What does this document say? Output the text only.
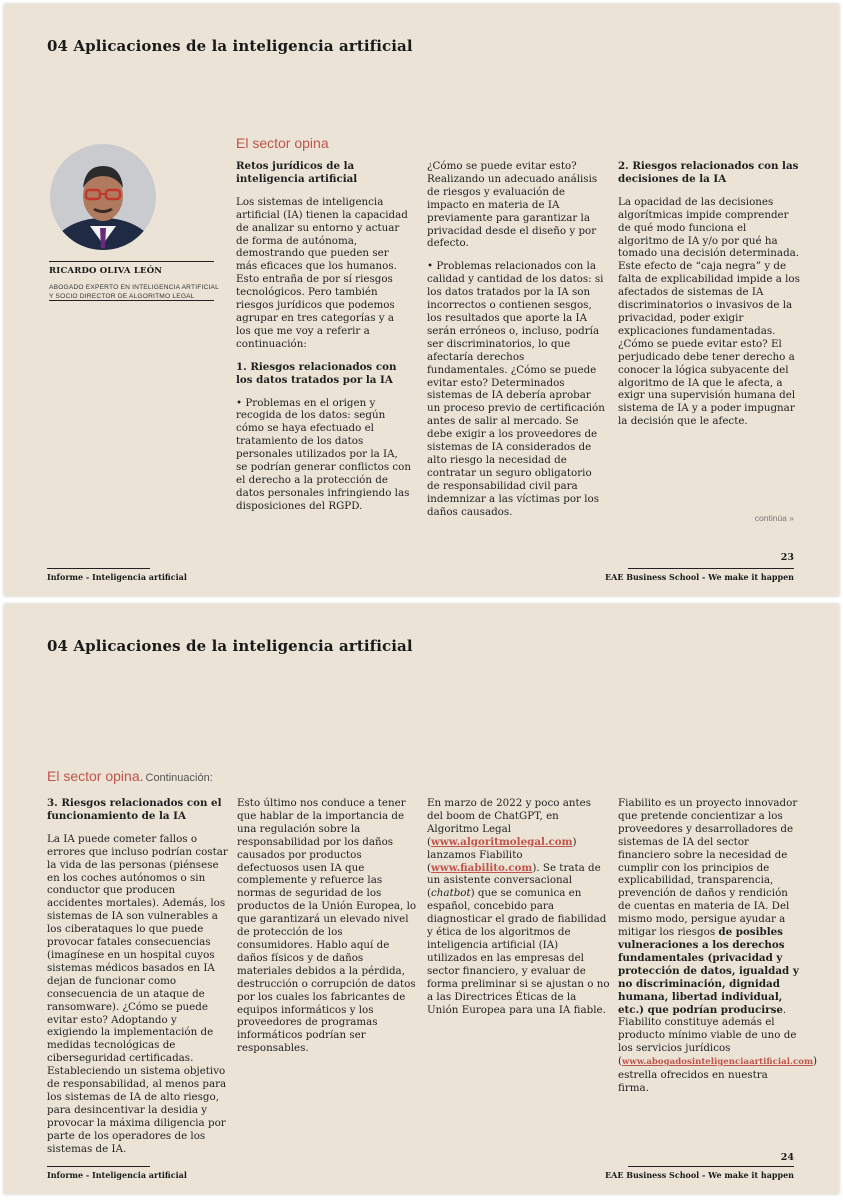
04 Aplicaciones de la inteligencia artificial
El sector opina
RICARDO OLIVA LEÓN
ABOGADO EXPERTO EN INTELIGENCIA ARTIFICIAL
Y SOCIO DIRECTOR DE ALGORITMO LEGAL

Retos jurídicos de la inteligencia artificial

Los sistemas de inteligencia artificial (IA) tienen la capacidad de analizar su entorno y actuar de forma de autónoma, demostrando que pueden ser más eficaces que los humanos. Esto entraña de por sí riesgos tecnológicos. Pero también riesgos jurídicos que podemos agrupar en tres categorías y a los que me voy a referir a continuación:

1. Riesgos relacionados con los datos tratados por la IA

• Problemas en el origen y recogida de los datos: según cómo se haya efectuado el tratamiento de los datos personales utilizados por la IA, se podrían generar conflictos con el derecho a la protección de datos personales infringiendo las disposiciones del RGPD.

¿Cómo se puede evitar esto? Realizando un adecuado análisis de riesgos y evaluación de impacto en materia de IA previamente para garantizar la privacidad desde el diseño y por defecto.

• Problemas relacionados con la calidad y cantidad de los datos: si los datos tratados por la IA son incorrectos o contienen sesgos, los resultados que aporte la IA serán erróneos o, incluso, podría ser discriminatorios, lo que afectaría derechos fundamentales. ¿Cómo se puede evitar esto? Determinados sistemas de IA debería aprobar un proceso previo de certificación antes de salir al mercado. Se debe exigir a los proveedores de sistemas de IA considerados de alto riesgo la necesidad de contratar un seguro obligatorio de responsabilidad civil para indemnizar a las víctimas por los daños causados.

2. Riesgos relacionados con las decisiones de la IA

La opacidad de las decisiones algorítmicas impide comprender de qué modo funciona el algoritmo de IA y/o por qué ha tomado una decisión determinada. Este efecto de “caja negra” y de falta de explicabilidad impide a los afectados de sistemas de IA discriminatorios o invasivos de la privacidad, poder exigir explicaciones fundamentadas. ¿Cómo se puede evitar esto? El perjudicado debe tener derecho a conocer la lógica subyacente del algoritmo de IA que le afecta, a exigr una supervisión humana del sistema de IA y a poder impugnar la decisión que le afecte.

continúa »
23
Informe - Inteligencia artificial	EAE Business School - We make it happen
04 Aplicaciones de la inteligencia artificial
El sector opina. Continuación:

3. Riesgos relacionados con el funcionamiento de la IA

La IA puede cometer fallos o errores que incluso podrían costar la vida de las personas (piénsese en los coches autónomos o sin conductor que producen accidentes mortales). Además, los sistemas de IA son vulnerables a los ciberataques lo que puede provocar fatales consecuencias (imagínese en un hospital cuyos sistemas médicos basados en IA dejan de funcionar como consecuencia de un ataque de ransomware). ¿Cómo se puede evitar esto? Adoptando y exigiendo la implementación de medidas tecnológicas de ciberseguridad certificadas. Estableciendo un sistema objetivo de responsabilidad, al menos para los sistemas de IA de alto riesgo, para desincentivar la desidia y provocar la máxima diligencia por parte de los operadores de los sistemas de IA.

Esto último nos conduce a tener que hablar de la importancia de una regulación sobre la responsabilidad por los daños causados por productos defectuosos usen IA que complemente y refuerce las normas de seguridad de los productos de la Unión Europea, lo que garantizará un elevado nivel de protección de los consumidores. Hablo aquí de daños físicos y de daños materiales debidos a la pérdida, destrucción o corrupción de datos por los cuales los fabricantes de equipos informáticos y los proveedores de programas informáticos podrían ser responsables.

En marzo de 2022 y poco antes del boom de ChatGPT, en Algoritmo Legal (www.algoritmolegal.com) lanzamos Fiabilito (www.fiabilito.com). Se trata de un asistente conversacional (chatbot) que se comunica en español, concebido para diagnosticar el grado de fiabilidad y ética de los algoritmos de inteligencia artificial (IA) utilizados en las empresas del sector financiero, y evaluar de forma preliminar si se ajustan o no a las Directrices Éticas de la Unión Europea para una IA fiable.

Fiabilito es un proyecto innovador que pretende concientizar a los proveedores y desarrolladores de sistemas de IA del sector financiero sobre la necesidad de cumplir con los principios de explicabilidad, transparencia, prevención de daños y rendición de cuentas en materia de IA. Del mismo modo, persigue ayudar a mitigar los riesgos de posibles vulneraciones a los derechos fundamentales (privacidad y protección de datos, igualdad y no discriminación, dignidad humana, libertad individual, etc.) que podrían producirse. Fiabilito constituye además el producto mínimo viable de uno de los servicios jurídicos (www.abogadosinteligenciaartificial.com) estrella ofrecidos en nuestra firma.

24
Informe - Inteligencia artificial	EAE Business School - We make it happen
